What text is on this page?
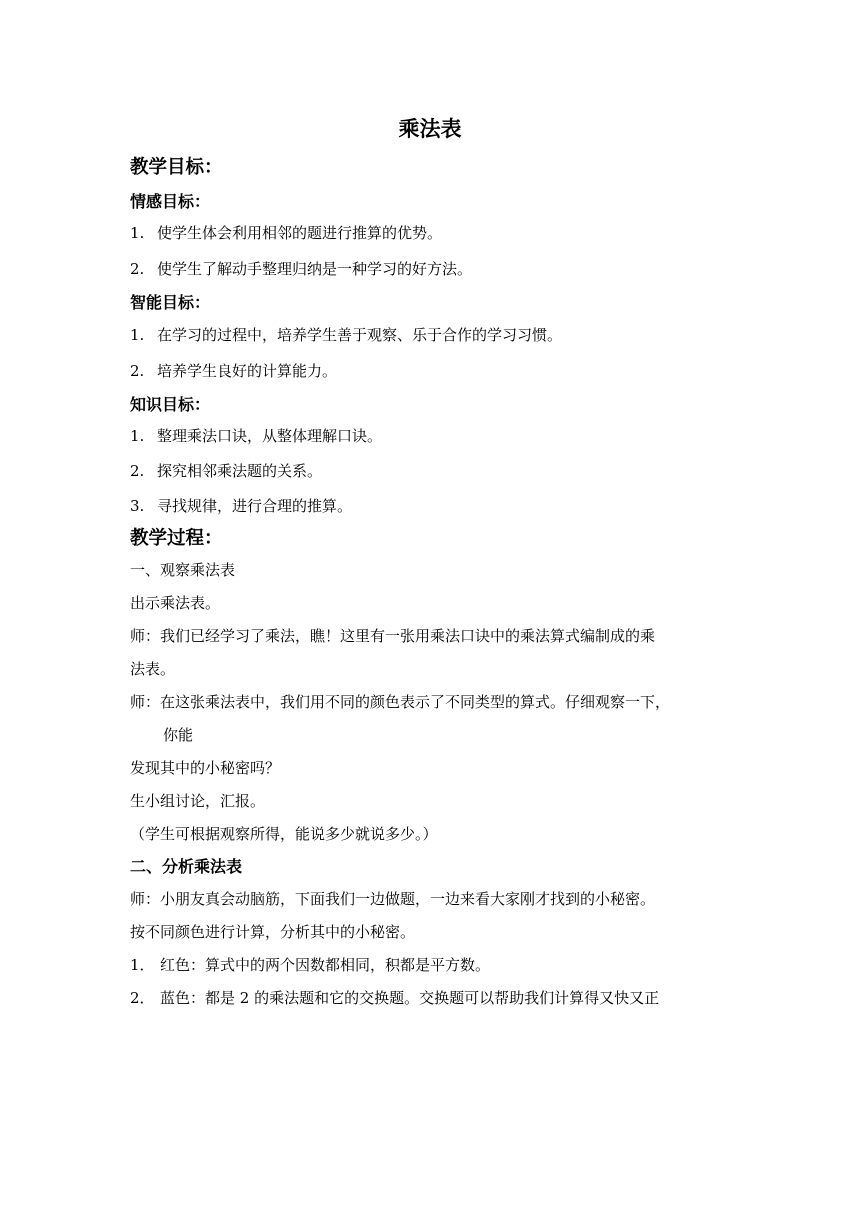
乘法表
教学目标：
情感目标：
1. 使学生体会利用相邻的题进行推算的优势。
2. 使学生了解动手整理归纳是一种学习的好方法。
智能目标：
1. 在学习的过程中，培养学生善于观察、乐于合作的学习习惯。
2. 培养学生良好的计算能力。
知识目标：
1. 整理乘法口诀，从整体理解口诀。
2. 探究相邻乘法题的关系。
3. 寻找规律，进行合理的推算。
教学过程：
一、观察乘法表
出示乘法表。
师：我们已经学习了乘法，瞧！这里有一张用乘法口诀中的乘法算式编制成的乘
法表。
师：在这张乘法表中，我们用不同的颜色表示了不同类型的算式。仔细观察一下，
你能
发现其中的小秘密吗？
生小组讨论，汇报。
（学生可根据观察所得，能说多少就说多少。）
二、分析乘法表
师：小朋友真会动脑筋，下面我们一边做题，一边来看大家刚才找到的小秘密。
按不同颜色进行计算，分析其中的小秘密。
1． 红色：算式中的两个因数都相同，积都是平方数。
2． 蓝色：都是 2 的乘法题和它的交换题。交换题可以帮助我们计算得又快又正
